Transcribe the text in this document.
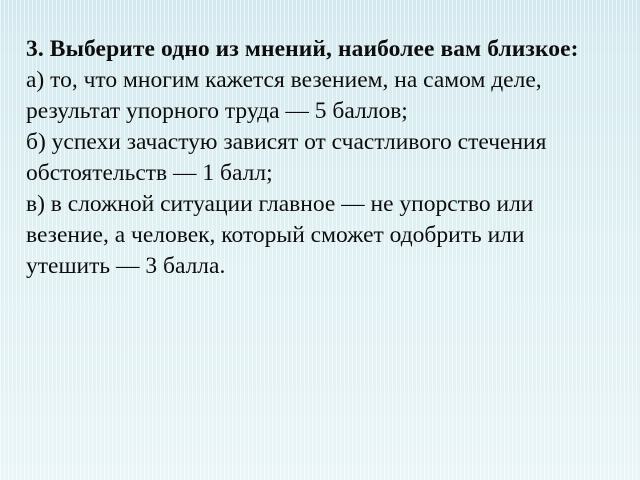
3. Выберите одно из мнений, наиболее вам близкое:

а) то, что многим кажется везением, на самом деле, результат упорного труда — 5 баллов;
б) успехи зачастую зависят от счастливого стечения обстоятельств — 1 балл;
в) в сложной ситуации главное — не упорство или везение, а человек, который сможет одобрить или утешить — 3 балла.
